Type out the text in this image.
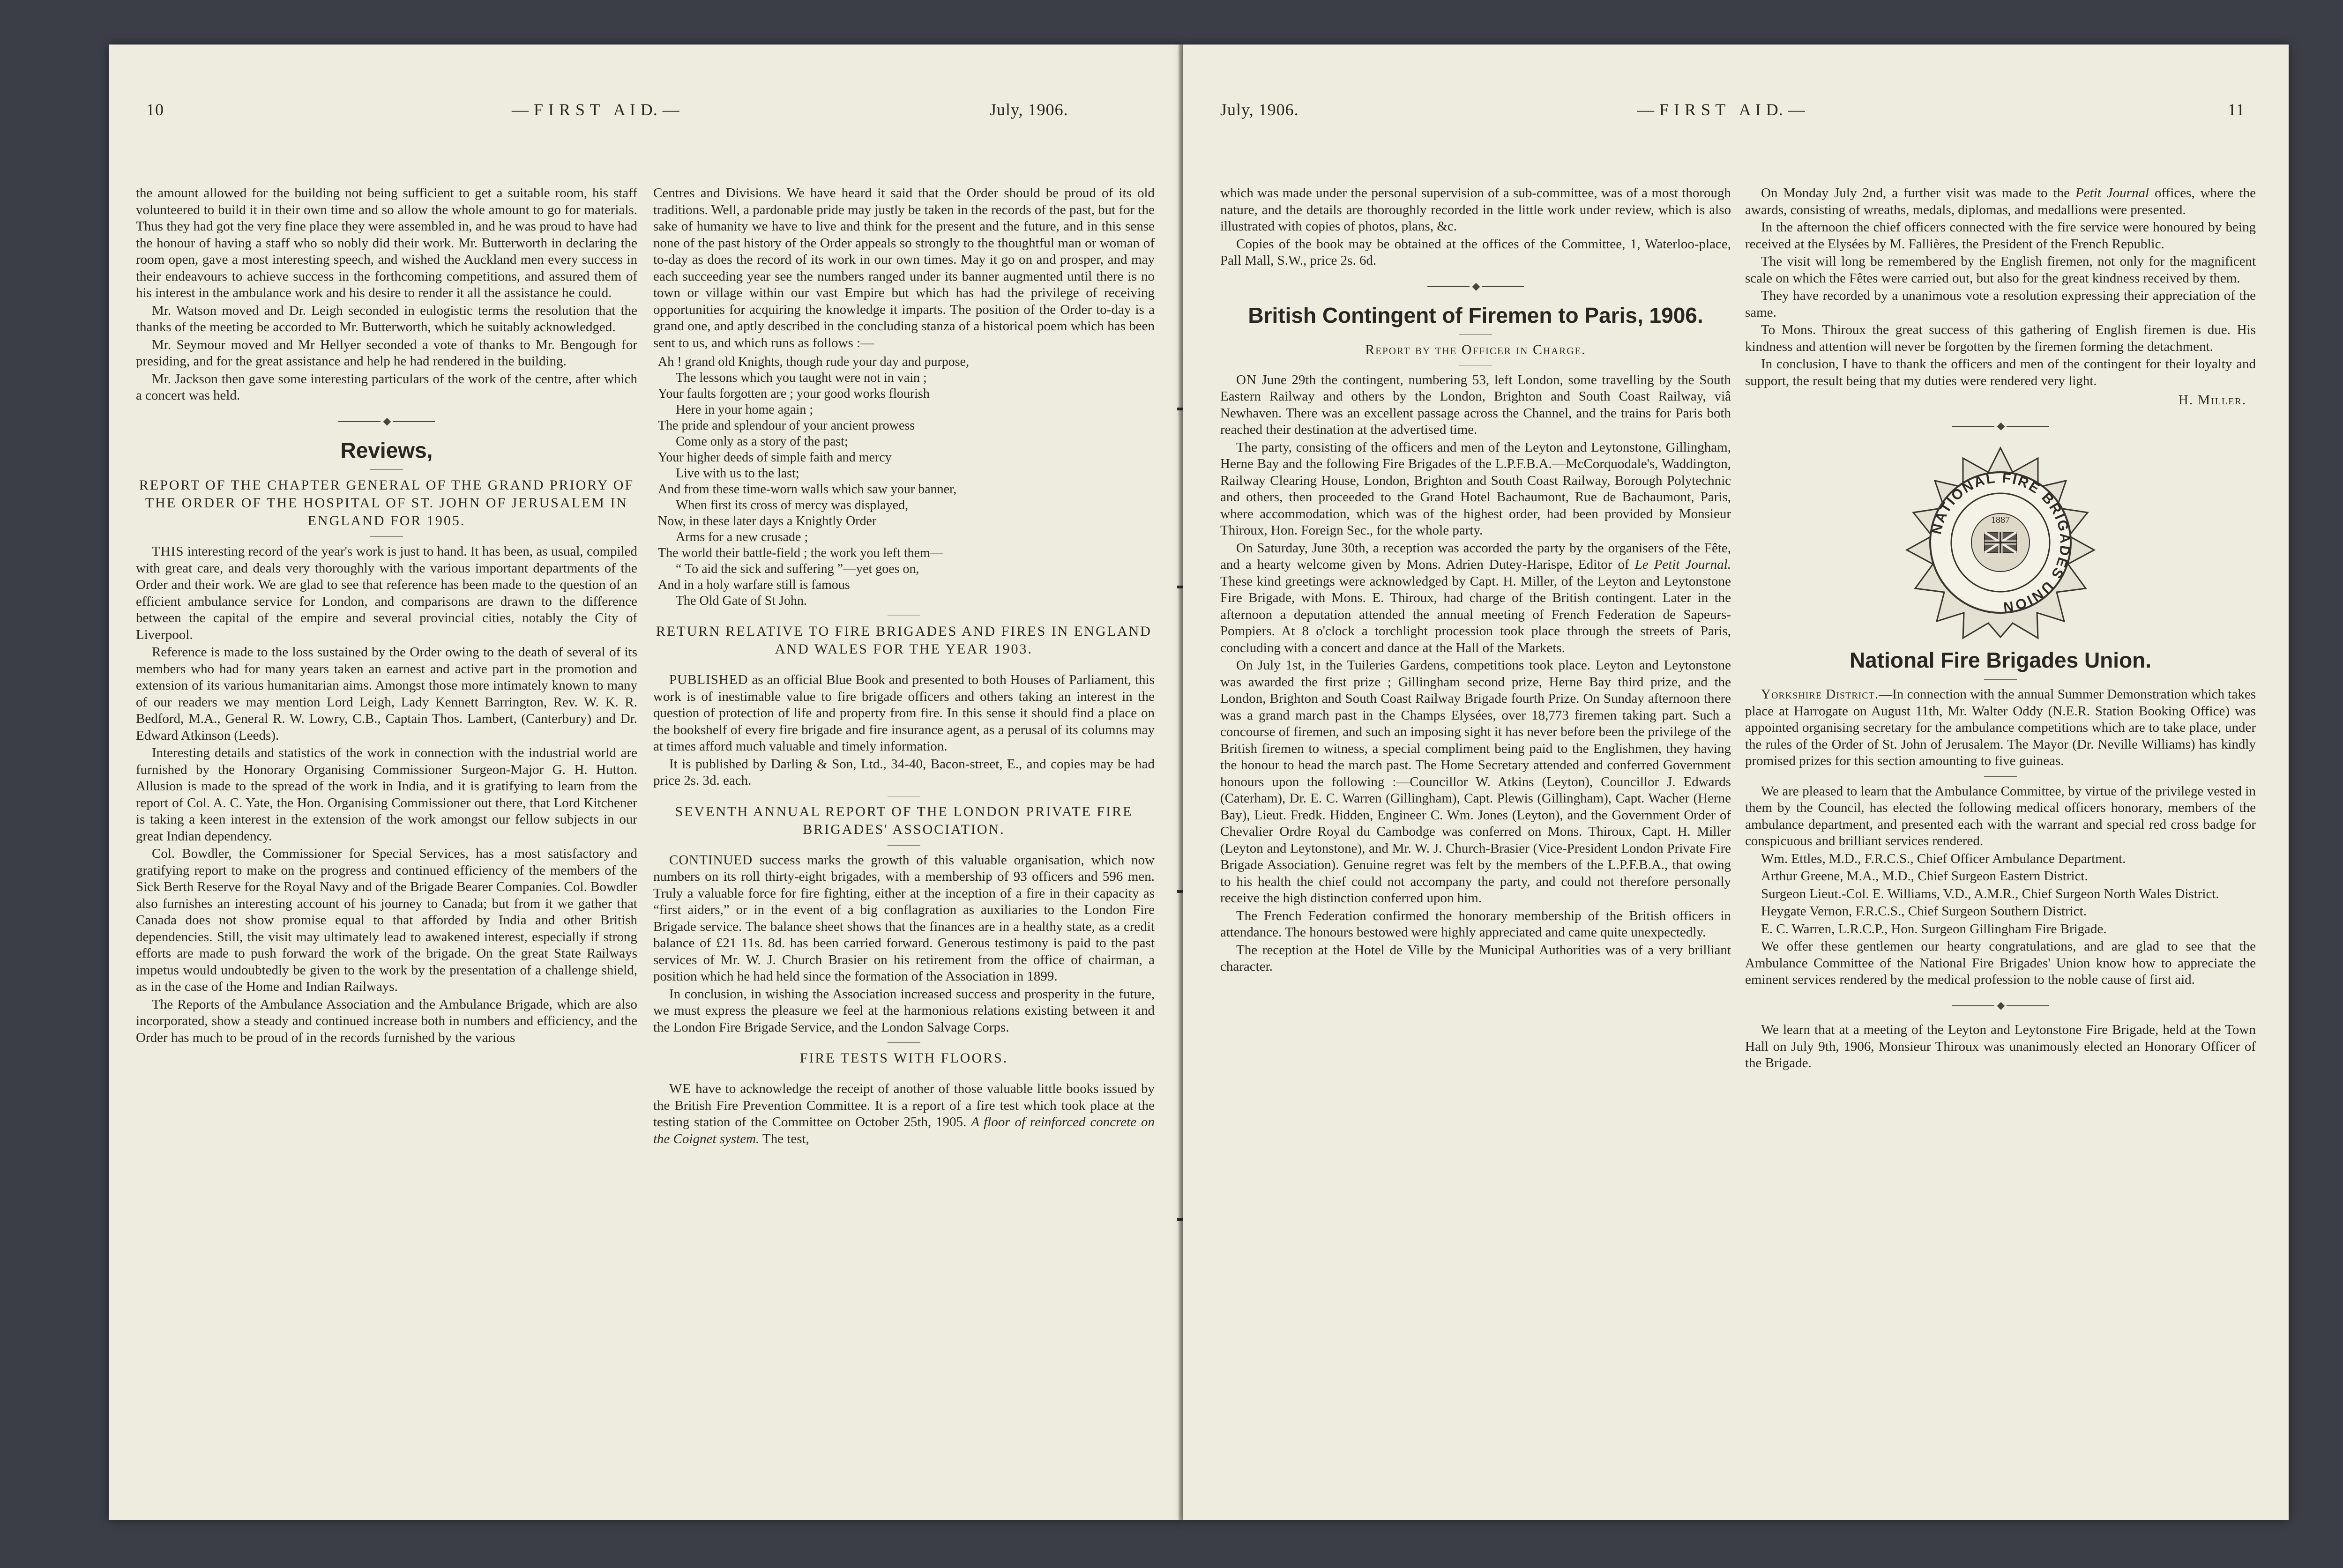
10	— F I R S T   A I D. —	July, 1906.

the amount allowed for the building not being sufficient to get a suitable room, his staff volunteered to build it in their own time and so allow the whole amount to go for materials. Thus they had got the very fine place they were assembled in, and he was proud to have had the honour of having a staff who so nobly did their work. Mr. Butterworth in declaring the room open, gave a most interesting speech, and wished the Auckland men every success in their endeavours to achieve success in the forthcoming competitions, and assured them of his interest in the ambulance work and his desire to render it all the assistance he could.

Mr. Watson moved and Dr. Leigh seconded in eulogistic terms the resolution that the thanks of the meeting be accorded to Mr. Butterworth, which he suitably acknowledged.

Mr. Seymour moved and Mr Hellyer seconded a vote of thanks to Mr. Bengough for presiding, and for the great assistance and help he had rendered in the building.

Mr. Jackson then gave some interesting particulars of the work of the centre, after which a concert was held.

◆
Reviews,
REPORT OF THE CHAPTER GENERAL OF THE GRAND PRIORY OF THE ORDER OF THE HOSPITAL OF ST. JOHN OF JERUSALEM IN ENGLAND FOR 1905.

THIS interesting record of the year's work is just to hand. It has been, as usual, compiled with great care, and deals very thoroughly with the various important departments of the Order and their work. We are glad to see that reference has been made to the question of an efficient ambulance service for London, and comparisons are drawn to the difference between the capital of the empire and several provincial cities, notably the City of Liverpool.

Reference is made to the loss sustained by the Order owing to the death of several of its members who had for many years taken an earnest and active part in the promotion and extension of its various humanitarian aims. Amongst those more intimately known to many of our readers we may mention Lord Leigh, Lady Kennett Barrington, Rev. W. K. R. Bedford, M.A., General R. W. Lowry, C.B., Captain Thos. Lambert, (Canterbury) and Dr. Edward Atkinson (Leeds).

Interesting details and statistics of the work in connection with the industrial world are furnished by the Honorary Organising Commissioner Surgeon-Major G. H. Hutton. Allusion is made to the spread of the work in India, and it is gratifying to learn from the report of Col. A. C. Yate, the Hon. Organising Commissioner out there, that Lord Kitchener is taking a keen interest in the extension of the work amongst our fellow subjects in our great Indian dependency.

Col. Bowdler, the Commissioner for Special Services, has a most satisfactory and gratifying report to make on the progress and continued efficiency of the members of the Sick Berth Reserve for the Royal Navy and of the Brigade Bearer Companies. Col. Bowdler also furnishes an interesting account of his journey to Canada; but from it we gather that Canada does not show promise equal to that afforded by India and other British dependencies. Still, the visit may ultimately lead to awakened interest, especially if strong efforts are made to push forward the work of the brigade. On the great State Railways impetus would undoubtedly be given to the work by the presentation of a challenge shield, as in the case of the Home and Indian Railways.

The Reports of the Ambulance Association and the Ambulance Brigade, which are also incorporated, show a steady and continued increase both in numbers and efficiency, and the Order has much to be proud of in the records furnished by the various

Centres and Divisions. We have heard it said that the Order should be proud of its old traditions. Well, a pardonable pride may justly be taken in the records of the past, but for the sake of humanity we have to live and think for the present and the future, and in this sense none of the past history of the Order appeals so strongly to the thoughtful man or woman of to-day as does the record of its work in our own times. May it go on and prosper, and may each succeeding year see the numbers ranged under its banner augmented until there is no town or village within our vast Empire but which has had the privilege of receiving opportunities for acquiring the knowledge it imparts. The position of the Order to-day is a grand one, and aptly described in the concluding stanza of a historical poem which has been sent to us, and which runs as follows :—

Ah ! grand old Knights, though rude your day and purpose,
The lessons which you taught were not in vain ;
Your faults forgotten are ; your good works flourish
Here in your home again ;
The pride and splendour of your ancient prowess
Come only as a story of the past;
Your higher deeds of simple faith and mercy
Live with us to the last;
And from these time-worn walls which saw your banner,
When first its cross of mercy was displayed,
Now, in these later days a Knightly Order
Arms for a new crusade ;
The world their battle-field ; the work you left them—
“ To aid the sick and suffering ”—yet goes on,
And in a holy warfare still is famous
The Old Gate of St John.
RETURN RELATIVE TO FIRE BRIGADES AND FIRES IN ENGLAND AND WALES FOR THE YEAR 1903.

PUBLISHED as an official Blue Book and presented to both Houses of Parliament, this work is of inestimable value to fire brigade officers and others taking an interest in the question of protection of life and property from fire. In this sense it should find a place on the bookshelf of every fire brigade and fire insurance agent, as a perusal of its columns may at times afford much valuable and timely information.

It is published by Darling & Son, Ltd., 34-40, Bacon-street, E., and copies may be had price 2s. 3d. each.

SEVENTH ANNUAL REPORT OF THE LONDON PRIVATE FIRE BRIGADES' ASSOCIATION.

CONTINUED success marks the growth of this valuable organisation, which now numbers on its roll thirty-eight brigades, with a membership of 93 officers and 596 men. Truly a valuable force for fire fighting, either at the inception of a fire in their capacity as “first aiders,” or in the event of a big conflagration as auxiliaries to the London Fire Brigade service. The balance sheet shows that the finances are in a healthy state, as a credit balance of £21 11s. 8d. has been carried forward. Generous testimony is paid to the past services of Mr. W. J. Church Brasier on his retirement from the office of chairman, a position which he had held since the formation of the Association in 1899.

In conclusion, in wishing the Association increased success and prosperity in the future, we must express the pleasure we feel at the harmonious relations existing between it and the London Fire Brigade Service, and the London Salvage Corps.

FIRE TESTS WITH FLOORS.

WE have to acknowledge the receipt of another of those valuable little books issued by the British Fire Prevention Committee. It is a report of a fire test which took place at the testing station of the Committee on October 25th, 1905. A floor of reinforced concrete on the Coignet system. The test,

July, 1906.	— F I R S T   A I D. —	11

which was made under the personal supervision of a sub-committee, was of a most thorough nature, and the details are thoroughly recorded in the little work under review, which is also illustrated with copies of photos, plans, &c.

Copies of the book may be obtained at the offices of the Committee, 1, Waterloo-place, Pall Mall, S.W., price 2s. 6d.

◆
British Contingent of Firemen to Paris, 1906.
Report by the Officer in Charge.

ON June 29th the contingent, numbering 53, left London, some travelling by the South Eastern Railway and others by the London, Brighton and South Coast Railway, viâ Newhaven. There was an excellent passage across the Channel, and the trains for Paris both reached their destination at the advertised time.

The party, consisting of the officers and men of the Leyton and Leytonstone, Gillingham, Herne Bay and the following Fire Brigades of the L.P.F.B.A.—McCorquodale's, Waddington, Railway Clearing House, London, Brighton and South Coast Railway, Borough Polytechnic and others, then proceeded to the Grand Hotel Bachaumont, Rue de Bachaumont, Paris, where accommodation, which was of the highest order, had been provided by Monsieur Thiroux, Hon. Foreign Sec., for the whole party.

On Saturday, June 30th, a reception was accorded the party by the organisers of the Fête, and a hearty welcome given by Mons. Adrien Dutey-Harispe, Editor of Le Petit Journal. These kind greetings were acknowledged by Capt. H. Miller, of the Leyton and Leytonstone Fire Brigade, with Mons. E. Thiroux, had charge of the British contingent. Later in the afternoon a deputation attended the annual meeting of French Federation de Sapeurs-Pompiers. At 8 o'clock a torchlight procession took place through the streets of Paris, concluding with a concert and dance at the Hall of the Markets.

On July 1st, in the Tuileries Gardens, competitions took place. Leyton and Leytonstone was awarded the first prize ; Gillingham second prize, Herne Bay third prize, and the London, Brighton and South Coast Railway Brigade fourth Prize. On Sunday afternoon there was a grand march past in the Champs Elysées, over 18,773 firemen taking part. Such a concourse of firemen, and such an imposing sight it has never before been the privilege of the British firemen to witness, a special compliment being paid to the Englishmen, they having the honour to head the march past. The Home Secretary attended and conferred Government honours upon the following :—Councillor W. Atkins (Leyton), Councillor J. Edwards (Caterham), Dr. E. C. Warren (Gillingham), Capt. Plewis (Gillingham), Capt. Wacher (Herne Bay), Lieut. Fredk. Hidden, Engineer C. Wm. Jones (Leyton), and the Government Order of Chevalier Ordre Royal du Cambodge was conferred on Mons. Thiroux, Capt. H. Miller (Leyton and Leytonstone), and Mr. W. J. Church-Brasier (Vice-President London Private Fire Brigade Association). Genuine regret was felt by the members of the L.P.F.B.A., that owing to his health the chief could not accompany the party, and could not therefore personally receive the high distinction conferred upon him.

The French Federation confirmed the honorary membership of the British officers in attendance. The honours bestowed were highly appreciated and came quite unexpectedly.

The reception at the Hotel de Ville by the Municipal Authorities was of a very brilliant character.

On Monday July 2nd, a further visit was made to the Petit Journal offices, where the awards, consisting of wreaths, medals, diplomas, and medallions were presented.

In the afternoon the chief officers connected with the fire service were honoured by being received at the Elysées by M. Fallières, the President of the French Republic.

The visit will long be remembered by the English firemen, not only for the magnificent scale on which the Fêtes were carried out, but also for the great kindness received by them.

They have recorded by a unanimous vote a resolution expressing their appreciation of the same.

To Mons. Thiroux the great success of this gathering of English firemen is due. His kindness and attention will never be forgotten by the firemen forming the detachment.

In conclusion, I have to thank the officers and men of the contingent for their loyalty and support, the result being that my duties were rendered very light.

H. Miller.
◆
NATIONAL FIRE BRIGADES UNION
1887
National Fire Brigades Union.

Yorkshire District.—In connection with the annual Summer Demonstration which takes place at Harrogate on August 11th, Mr. Walter Oddy (N.E.R. Station Booking Office) was appointed organising secretary for the ambulance competitions which are to take place, under the rules of the Order of St. John of Jerusalem. The Mayor (Dr. Neville Williams) has kindly promised prizes for this section amounting to five guineas.

We are pleased to learn that the Ambulance Committee, by virtue of the privilege vested in them by the Council, has elected the following medical officers honorary, members of the ambulance department, and presented each with the warrant and special red cross badge for conspicuous and brilliant services rendered.

Wm. Ettles, M.D., F.R.C.S., Chief Officer Ambulance Department.

Arthur Greene, M.A., M.D., Chief Surgeon Eastern District.

Surgeon Lieut.-Col. E. Williams, V.D., A.M.R., Chief Surgeon North Wales District.

Heygate Vernon, F.R.C.S., Chief Surgeon Southern District.

E. C. Warren, L.R.C.P., Hon. Surgeon Gillingham Fire Brigade.

We offer these gentlemen our hearty congratulations, and are glad to see that the Ambulance Committee of the National Fire Brigades' Union know how to appreciate the eminent services rendered by the medical profession to the noble cause of first aid.

◆

We learn that at a meeting of the Leyton and Leytonstone Fire Brigade, held at the Town Hall on July 9th, 1906, Monsieur Thiroux was unanimously elected an Honorary Officer of the Brigade.
